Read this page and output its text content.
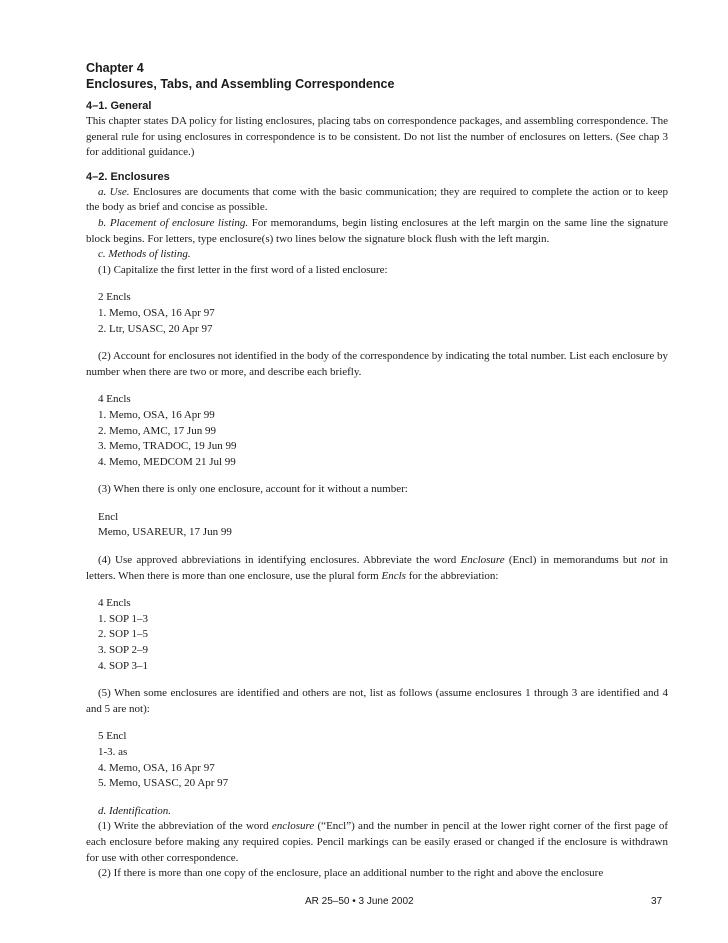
Chapter 4
Enclosures, Tabs, and Assembling Correspondence
4–1. General

This chapter states DA policy for listing enclosures, placing tabs on correspondence packages, and assembling correspondence. The general rule for using enclosures in correspondence is to be consistent. Do not list the number of enclosures on letters. (See chap 3 for additional guidance.)

4–2. Enclosures

a. Use. Enclosures are documents that come with the basic communication; they are required to complete the action or to keep the body as brief and concise as possible.

b. Placement of enclosure listing. For memorandums, begin listing enclosures at the left margin on the same line the signature block begins. For letters, type enclosure(s) two lines below the signature block flush with the left margin.

c. Methods of listing.

(1) Capitalize the first letter in the first word of a listed enclosure:

2 Encls
1. Memo, OSA, 16 Apr 97
2. Ltr, USASC, 20 Apr 97

(2) Account for enclosures not identified in the body of the correspondence by indicating the total number. List each enclosure by number when there are two or more, and describe each briefly.

4 Encls
1. Memo, OSA, 16 Apr 99
2. Memo, AMC, 17 Jun 99
3. Memo, TRADOC, 19 Jun 99
4. Memo, MEDCOM 21 Jul 99

(3) When there is only one enclosure, account for it without a number:

Encl
Memo, USAREUR, 17 Jun 99

(4) Use approved abbreviations in identifying enclosures. Abbreviate the word Enclosure (Encl) in memorandums but not in letters. When there is more than one enclosure, use the plural form Encls for the abbreviation:

4 Encls
1. SOP 1–3
2. SOP 1–5
3. SOP 2–9
4. SOP 3–1

(5) When some enclosures are identified and others are not, list as follows (assume enclosures 1 through 3 are identified and 4 and 5 are not):

5 Encl
1-3. as
4. Memo, OSA, 16 Apr 97
5. Memo, USASC, 20 Apr 97

d. Identification.

(1) Write the abbreviation of the word enclosure (“Encl”) and the number in pencil at the lower right corner of the first page of each enclosure before making any required copies. Pencil markings can be easily erased or changed if the enclosure is withdrawn for use with other correspondence.

(2) If there is more than one copy of the enclosure, place an additional number to the right and above the enclosure

AR 25–50 • 3 June 2002	37
